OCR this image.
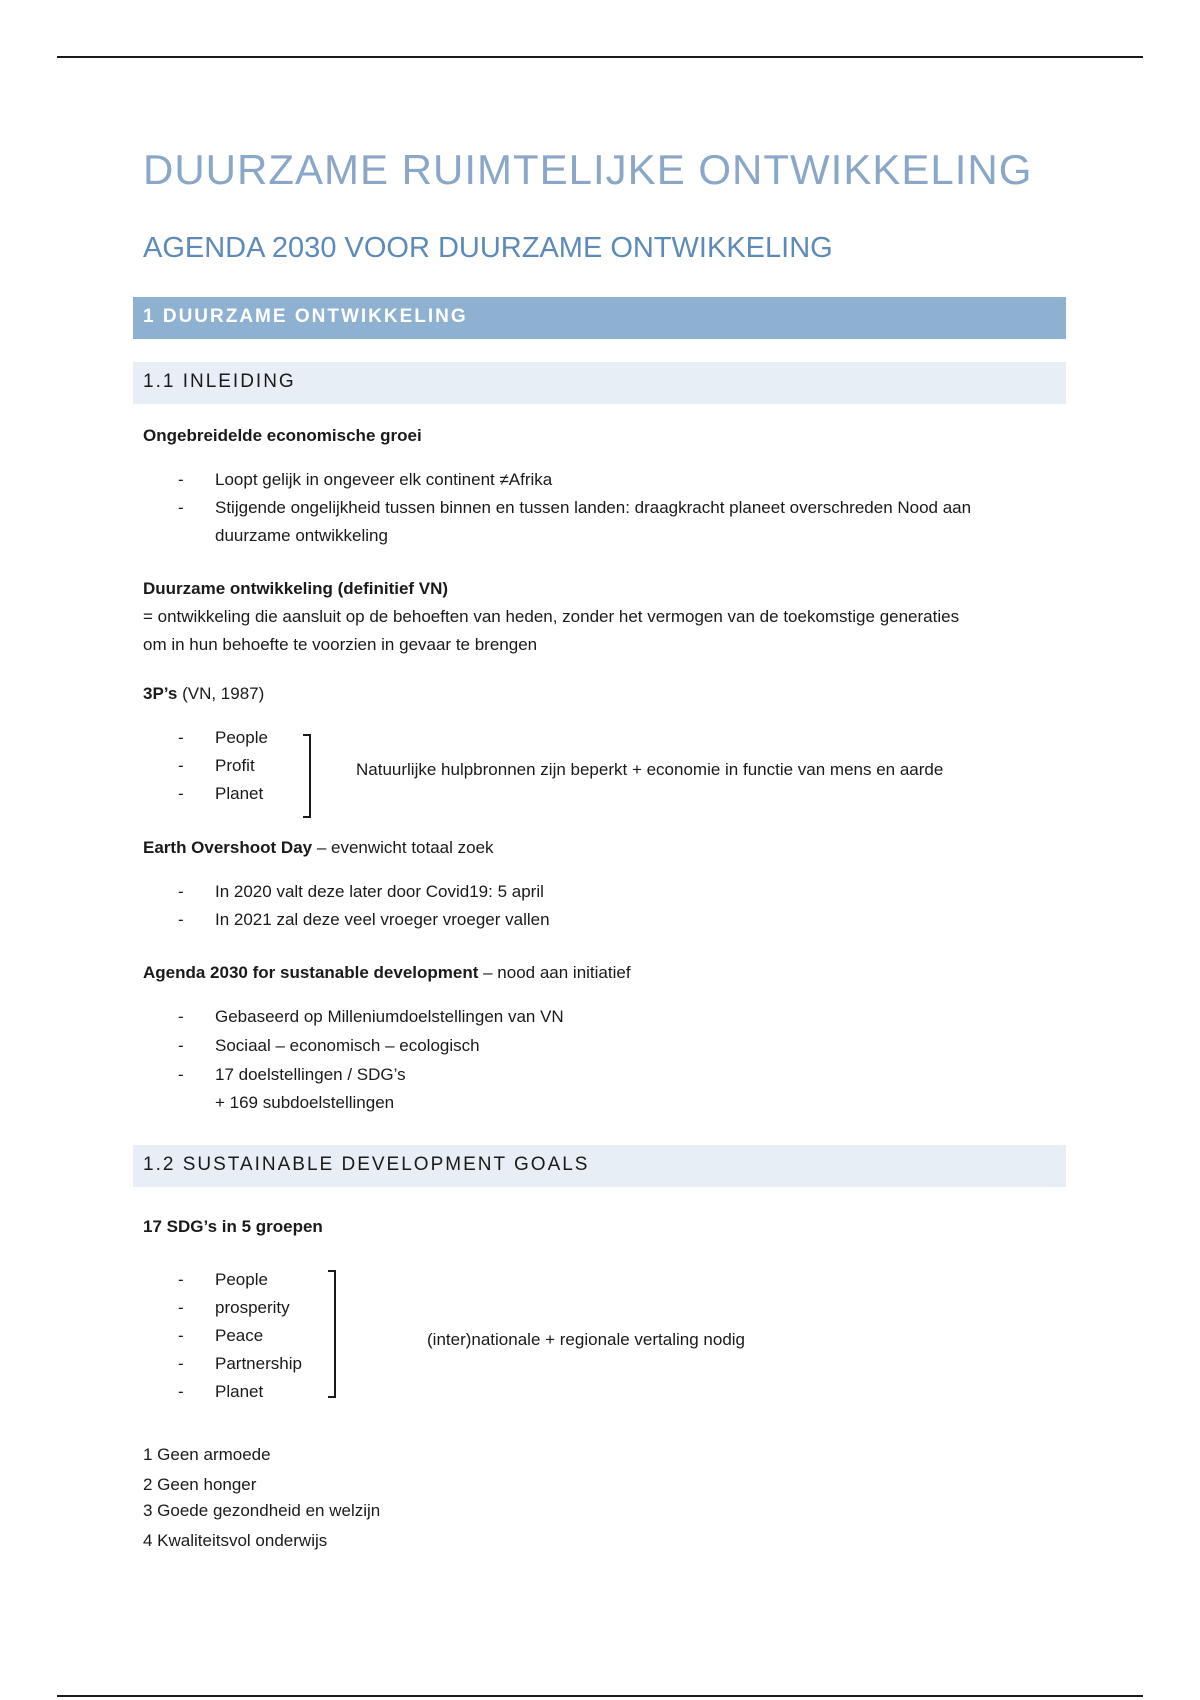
DUURZAME RUIMTELIJKE ONTWIKKELING
AGENDA 2030 VOOR DUURZAME ONTWIKKELING
1 DUURZAME ONTWIKKELING
1.1 INLEIDING
Ongebreidelde economische groei
- Loopt gelijk in ongeveer elk continent ≠Afrika
- Stijgende ongelijkheid tussen binnen en tussen landen: draagkracht planeet overschreden Nood aan
duurzame ontwikkeling
Duurzame ontwikkeling (definitief VN)
= ontwikkeling die aansluit op de behoeften van heden, zonder het vermogen van de toekomstige generaties
om in hun behoefte te voorzien in gevaar te brengen
3P’s (VN, 1987)
- People
- Profit
- Planet
Natuurlijke hulpbronnen zijn beperkt + economie in functie van mens en aarde
Earth Overshoot Day – evenwicht totaal zoek
- In 2020 valt deze later door Covid19: 5 april
- In 2021 zal deze veel vroeger vroeger vallen
Agenda 2030 for sustanable development – nood aan initiatief
- Gebaseerd op Milleniumdoelstellingen van VN
- Sociaal – economisch – ecologisch
- 17 doelstellingen / SDG’s
+ 169 subdoelstellingen
1.2 SUSTAINABLE DEVELOPMENT GOALS
17 SDG’s in 5 groepen
- People
- prosperity
- Peace
- Partnership
- Planet
(inter)nationale + regionale vertaling nodig
1 Geen armoede
2 Geen honger
3 Goede gezondheid en welzijn
4 Kwaliteitsvol onderwijs
